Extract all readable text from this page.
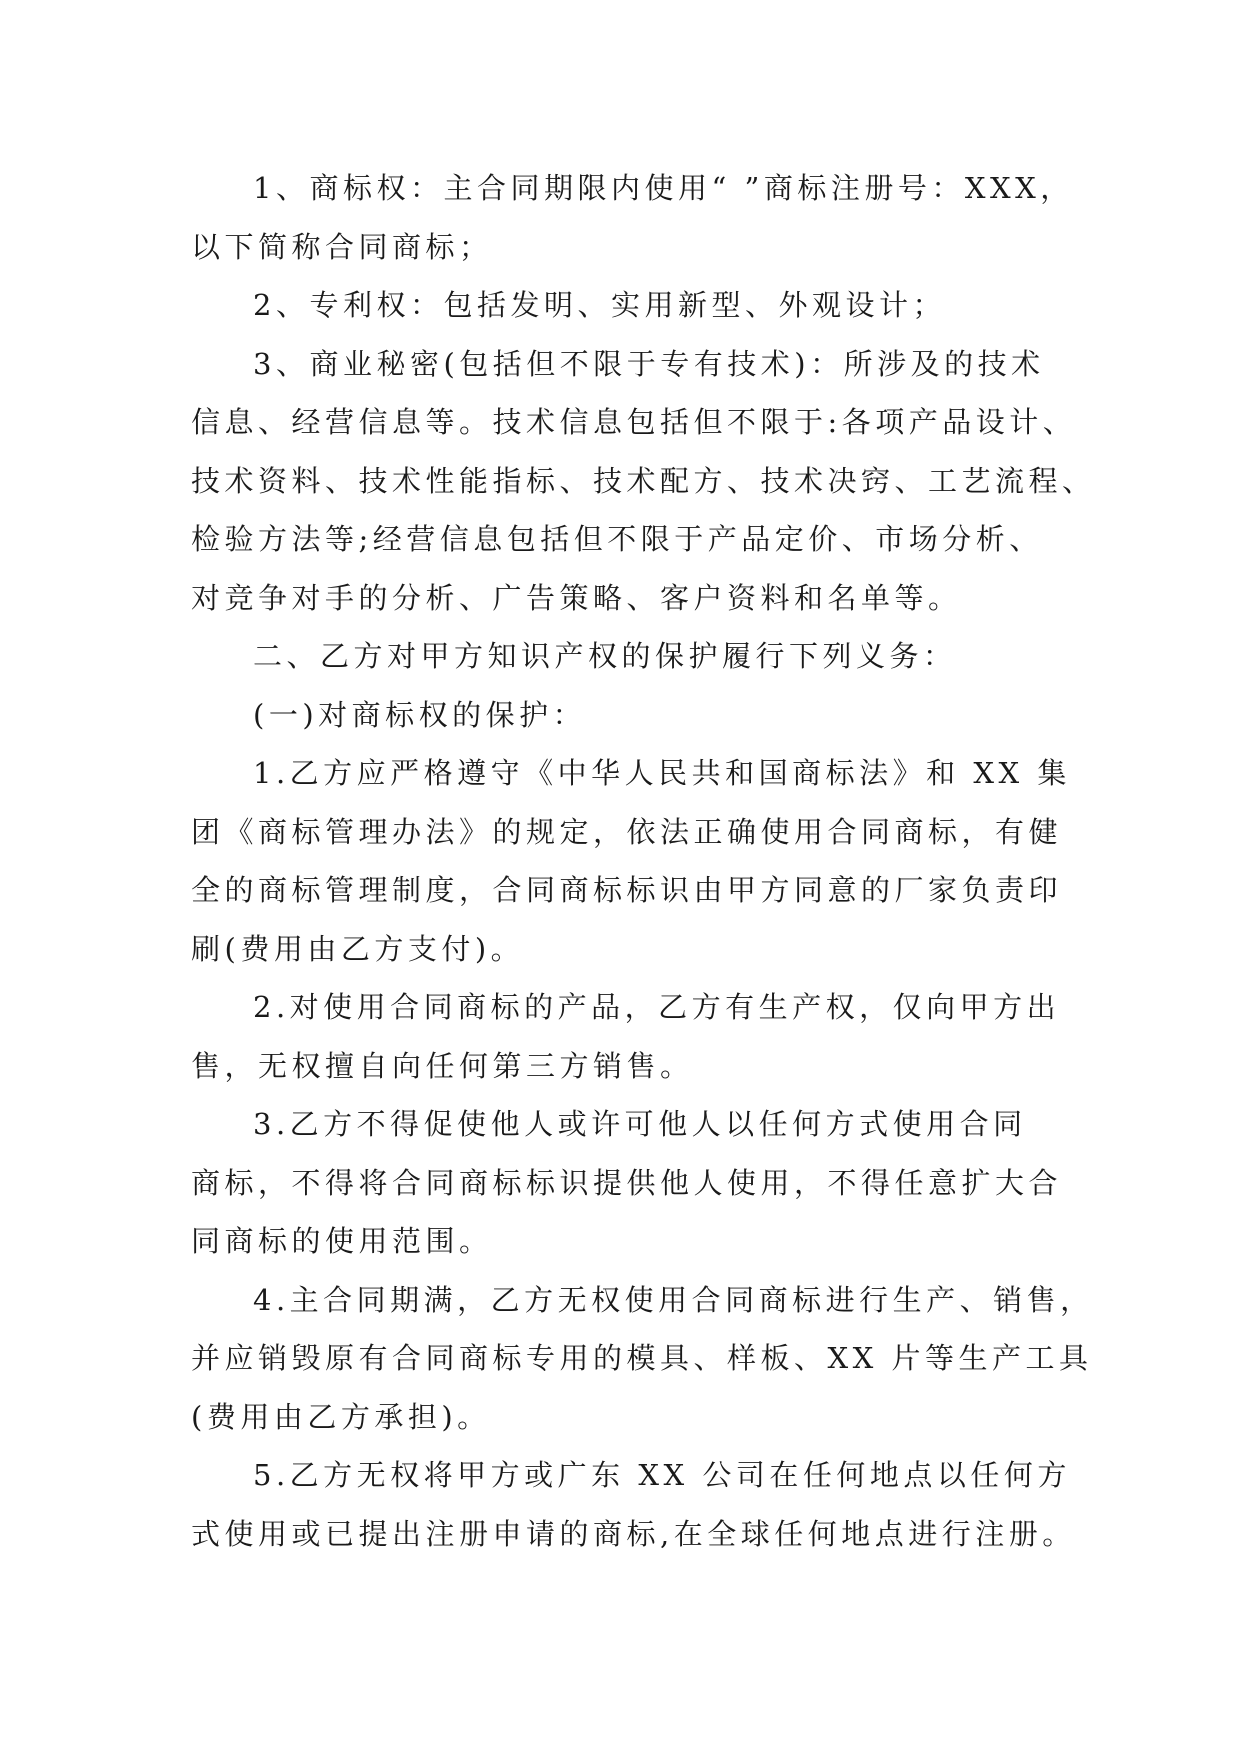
1、商标权：主合同期限内使用“ ”商标注册号：XXX，
以下简称合同商标；
2、专利权：包括发明、实用新型、外观设计；
3、商业秘密(包括但不限于专有技术)：所涉及的技术
信息、经营信息等。技术信息包括但不限于:各项产品设计、
技术资料、技术性能指标、技术配方、技术决窍、工艺流程、
检验方法等;经营信息包括但不限于产品定价、市场分析、
对竞争对手的分析、广告策略、客户资料和名单等。
二、乙方对甲方知识产权的保护履行下列义务：
(一)对商标权的保护：
1.乙方应严格遵守《中华人民共和国商标法》和 XX 集
团《商标管理办法》的规定，依法正确使用合同商标，有健
全的商标管理制度，合同商标标识由甲方同意的厂家负责印
刷(费用由乙方支付)。
2.对使用合同商标的产品，乙方有生产权，仅向甲方出
售，无权擅自向任何第三方销售。
3.乙方不得促使他人或许可他人以任何方式使用合同
商标，不得将合同商标标识提供他人使用，不得任意扩大合
同商标的使用范围。
4.主合同期满，乙方无权使用合同商标进行生产、销售，
并应销毁原有合同商标专用的模具、样板、XX 片等生产工具
(费用由乙方承担)。
5.乙方无权将甲方或广东 XX 公司在任何地点以任何方
式使用或已提出注册申请的商标,在全球任何地点进行注册。
